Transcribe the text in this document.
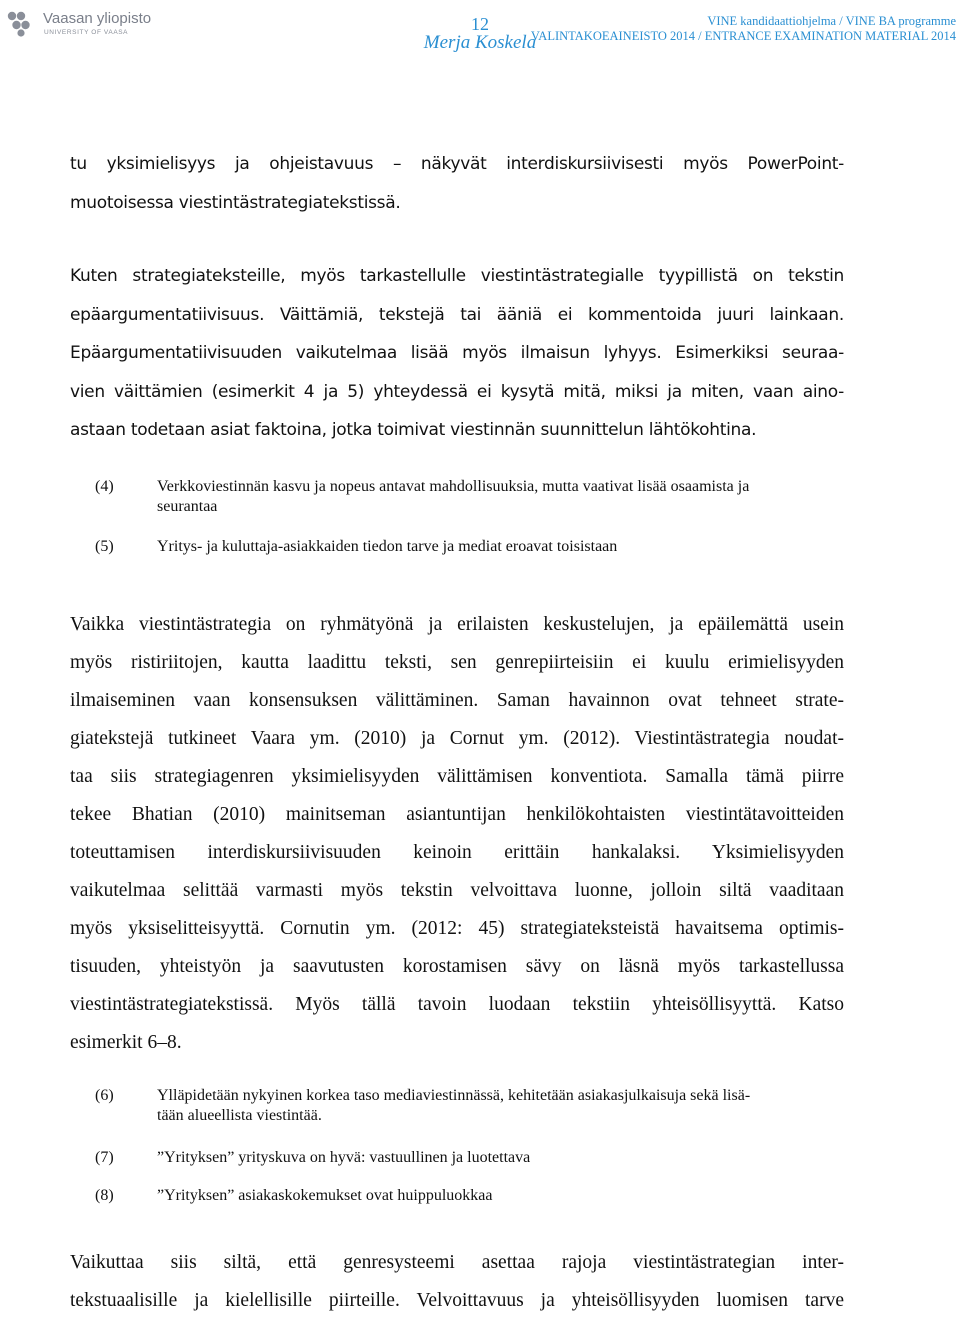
Vaasan yliopisto
UNIVERSITY OF VAASA	12
Merja Koskela
VINE kandidaattiohjelma / VINE BA programme
VALINTAKOEAINEISTO 2014 / ENTRANCE EXAMINATION MATERIAL 2014
tu yksimielisyys ja ohjeistavuus – näkyvät interdiskursiivisesti myös PowerPoint-
muotoisessa viestintästrategiatekstissä.
Kuten strategiateksteille, myös tarkastellulle viestintästrategialle tyypillistä on tekstin
epäargumentatiivisuus. Väittämiä, tekstejä tai ääniä ei kommentoida juuri lainkaan.
Epäargumentatiivisuuden vaikutelmaa lisää myös ilmaisun lyhyys. Esimerkiksi seuraa-
vien väittämien (esimerkit 4 ja 5) yhteydessä ei kysytä mitä, miksi ja miten, vaan aino-
astaan todetaan asiat faktoina, jotka toimivat viestinnän suunnittelun lähtökohtina.
(4)	Verkkoviestinnän kasvu ja nopeus antavat mahdollisuuksia, mutta vaativat lisää osaamista ja
seurantaa
(5)	Yritys- ja kuluttaja-asiakkaiden tiedon tarve ja mediat eroavat toisistaan
Vaikka viestintästrategia on ryhmätyönä ja erilaisten keskustelujen, ja epäilemättä usein
myös ristiriitojen, kautta laadittu teksti, sen genrepiirteisiin ei kuulu erimielisyyden
ilmaiseminen vaan konsensuksen välittäminen. Saman havainnon ovat tehneet strate-
giatekstejä tutkineet Vaara ym. (2010) ja Cornut ym. (2012). Viestintästrategia noudat-
taa siis strategiagenren yksimielisyyden välittämisen konventiota. Samalla tämä piirre
tekee Bhatian (2010) mainitseman asiantuntijan henkilökohtaisten viestintätavoitteiden
toteuttamisen interdiskursiivisuuden keinoin erittäin hankalaksi. Yksimielisyyden
vaikutelmaa selittää varmasti myös tekstin velvoittava luonne, jolloin siltä vaaditaan
myös yksiselitteisyyttä. Cornutin ym. (2012: 45) strategiateksteistä havaitsema optimis-
tisuuden, yhteistyön ja saavutusten korostamisen sävy on läsnä myös tarkastellussa
viestintästrategiatekstissä. Myös tällä tavoin luodaan tekstiin yhteisöllisyyttä. Katso
esimerkit 6–8.
(6)	Ylläpidetään nykyinen korkea taso mediaviestinnässä, kehitetään asiakasjulkaisuja sekä lisä-
tään alueellista viestintää.
(7)	”Yrityksen” yrityskuva on hyvä: vastuullinen ja luotettava
(8)	”Yrityksen” asiakaskokemukset ovat huippuluokkaa
Vaikuttaa siis siltä, että genresysteemi asettaa rajoja viestintästrategian inter-
tekstuaalisille ja kielellisille piirteille. Velvoittavuus ja yhteisöllisyyden luomisen tarve
